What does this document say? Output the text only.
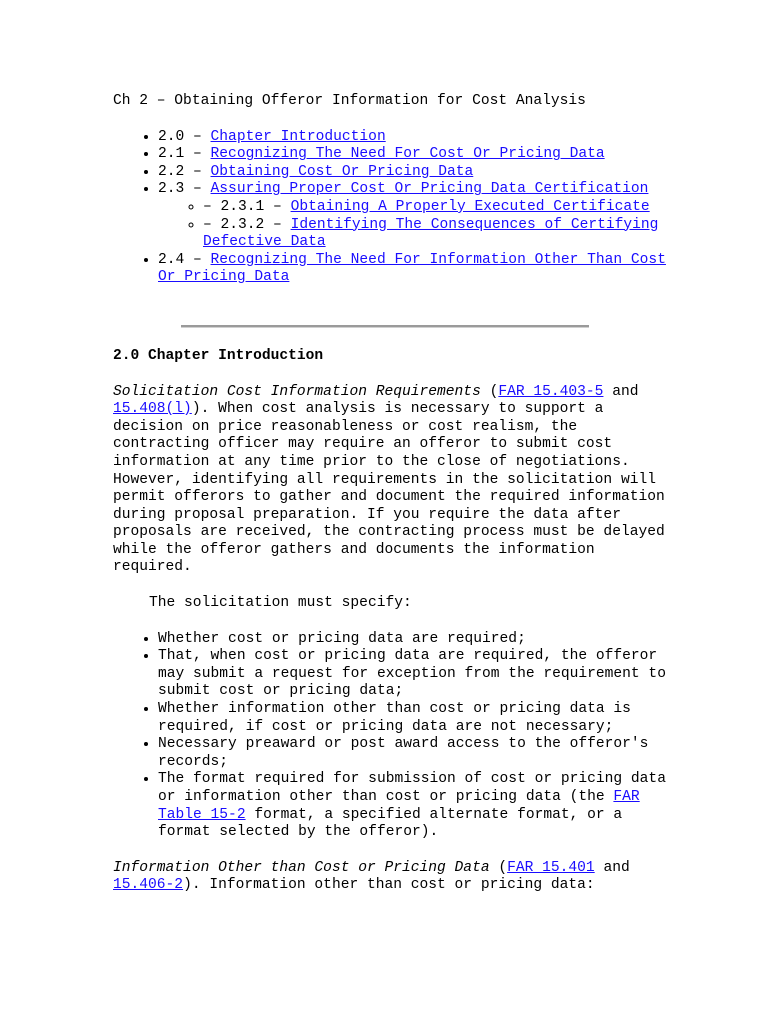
Ch 2 – Obtaining Offeror Information for Cost Analysis
• 2.0 – Chapter Introduction
• 2.1 – Recognizing The Need For Cost Or Pricing Data
• 2.2 – Obtaining Cost Or Pricing Data
• 2.3 – Assuring Proper Cost Or Pricing Data Certification
◦ – 2.3.1 – Obtaining A Properly Executed Certificate
◦ – 2.3.2 – Identifying The Consequences of Certifying Defective Data
• 2.4 – Recognizing The Need For Information Other Than Cost Or Pricing Data
2.0 Chapter Introduction
Solicitation Cost Information Requirements (FAR 15.403-5 and 15.408(l)). When cost analysis is necessary to support a decision on price reasonableness or cost realism, the contracting officer may require an offeror to submit cost information at any time prior to the close of negotiations. However, identifying all requirements in the solicitation will permit offerors to gather and document the required information during proposal preparation. If you require the data after proposals are received, the contracting process must be delayed while the offeror gathers and documents the information required.
The solicitation must specify:
• Whether cost or pricing data are required;
• That, when cost or pricing data are required, the offeror may submit a request for exception from the requirement to submit cost or pricing data;
• Whether information other than cost or pricing data is required, if cost or pricing data are not necessary;
• Necessary preaward or post award access to the offeror's records;
• The format required for submission of cost or pricing data or information other than cost or pricing data (the FAR Table 15-2 format, a specified alternate format, or a format selected by the offeror).
Information Other than Cost or Pricing Data (FAR 15.401 and 15.406-2). Information other than cost or pricing data:
